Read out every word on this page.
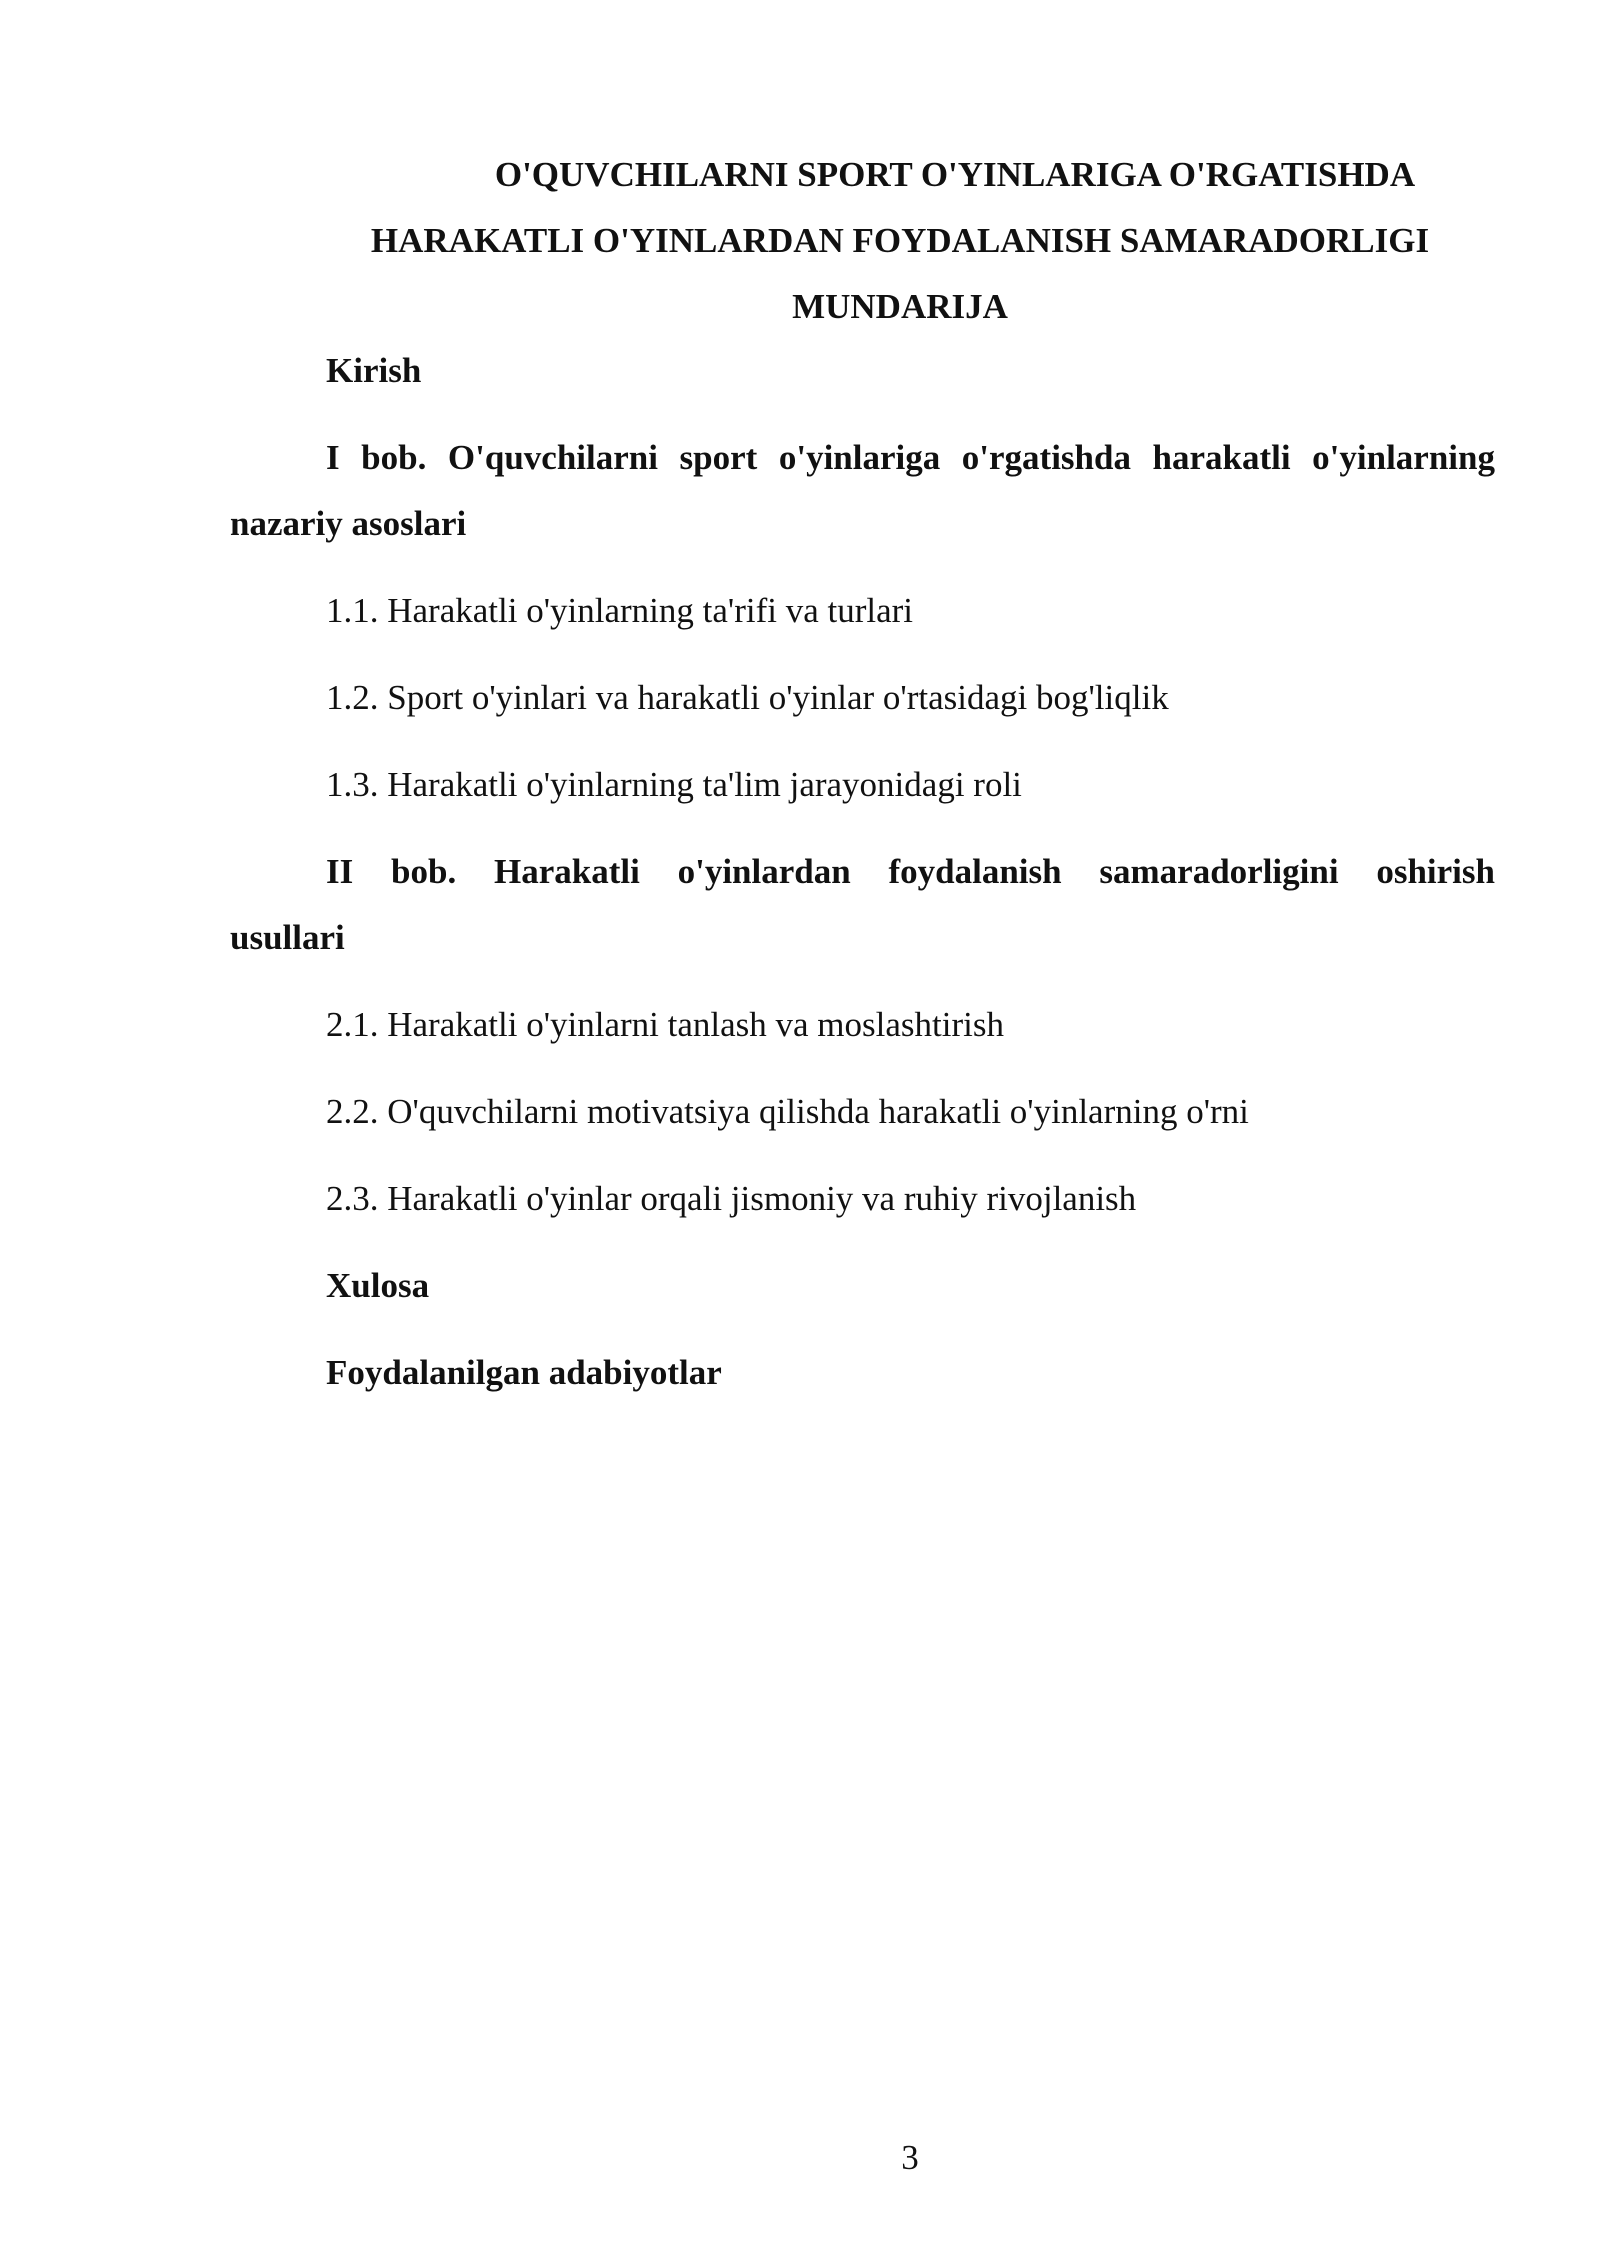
O'QUVCHILARNI SPORT O'YINLARIGA O'RGATISHDA
HARAKATLI O'YINLARDAN FOYDALANISH SAMARADORLIGI
MUNDARIJA

Kirish

I bob. O'quvchilarni sport o'yinlariga o'rgatishda harakatli o'yinlarning nazariy asoslari

1.1. Harakatli o'yinlarning ta'rifi va turlari

1.2. Sport o'yinlari va harakatli o'yinlar o'rtasidagi bog'liqlik

1.3. Harakatli o'yinlarning ta'lim jarayonidagi roli

II bob. Harakatli o'yinlardan foydalanish samaradorligini oshirish
usullari

2.1. Harakatli o'yinlarni tanlash va moslashtirish

2.2. O'quvchilarni motivatsiya qilishda harakatli o'yinlarning o'rni

2.3. Harakatli o'yinlar orqali jismoniy va ruhiy rivojlanish

Xulosa

Foydalanilgan adabiyotlar

3
